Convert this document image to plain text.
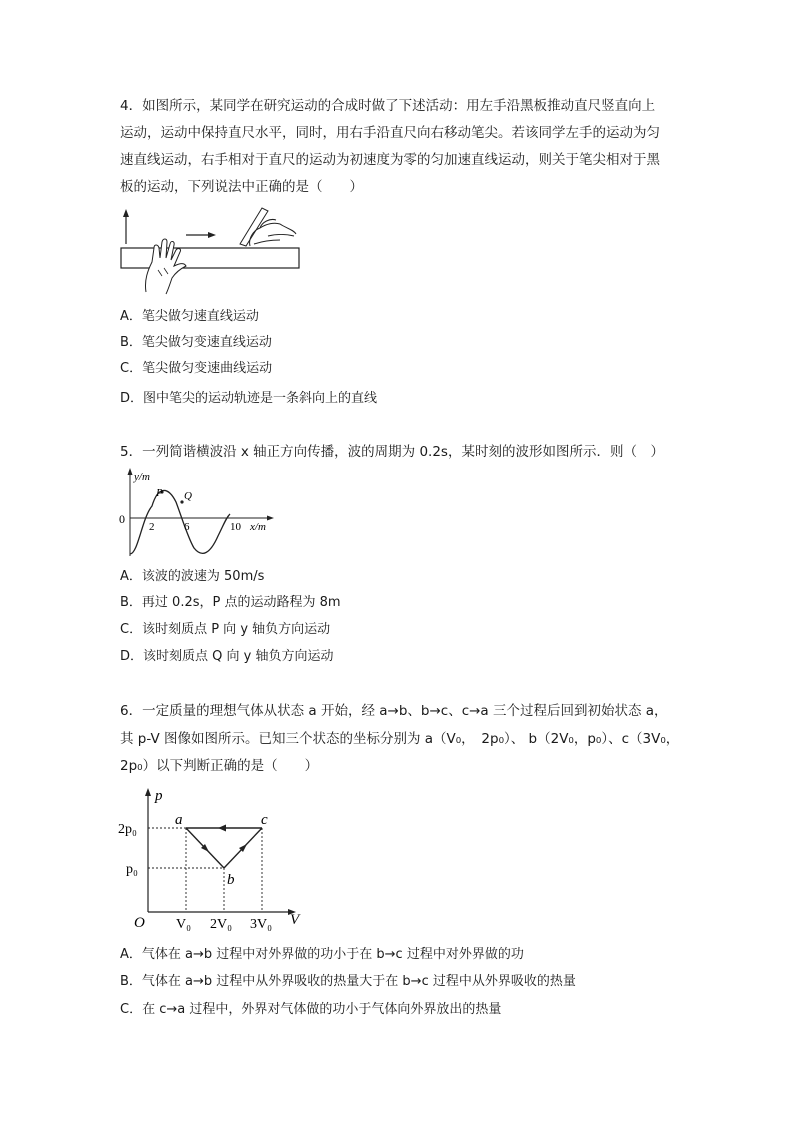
4．如图所示，某同学在研究运动的合成时做了下述活动：用左手沿黑板推动直尺竖直向上
运动，运动中保持直尺水平，同时，用右手沿直尺向右移动笔尖。若该同学左手的运动为匀
速直线运动，右手相对于直尺的运动为初速度为零的匀加速直线运动，则关于笔尖相对于黑
板的运动，下列说法中正确的是（　　）
A．笔尖做匀速直线运动
B．笔尖做匀变速直线运动
C．笔尖做匀变速曲线运动
D．图中笔尖的运动轨迹是一条斜向上的直线
5．一列简谐横波沿 x 轴正方向传播，波的周期为 0.2s，某时刻的波形如图所示．则（　）
y/m
x/m
0
2	6	10
P Q
A．该波的波速为 50m/s
B．再过 0.2s，P 点的运动路程为 8m
C．该时刻质点 P 向 y 轴负方向运动
D．该时刻质点 Q 向 y 轴负方向运动
6．一定质量的理想气体从状态 a 开始，经 a→b、b→c、c→a 三个过程后回到初始状态 a，
其 p-V 图像如图所示。已知三个状态的坐标分别为 a（V₀，　2p₀）、 b（2V₀，p₀）、c（3V₀，
2p₀）以下判断正确的是（　　）
p
V
O
2p₀
p₀
V₀ 2V₀ 3V₀
a
b
c
A．气体在 a→b 过程中对外界做的功小于在 b→c 过程中对外界做的功
B．气体在 a→b 过程中从外界吸收的热量大于在 b→c 过程中从外界吸收的热量
C．在 c→a 过程中，外界对气体做的功小于气体向外界放出的热量
